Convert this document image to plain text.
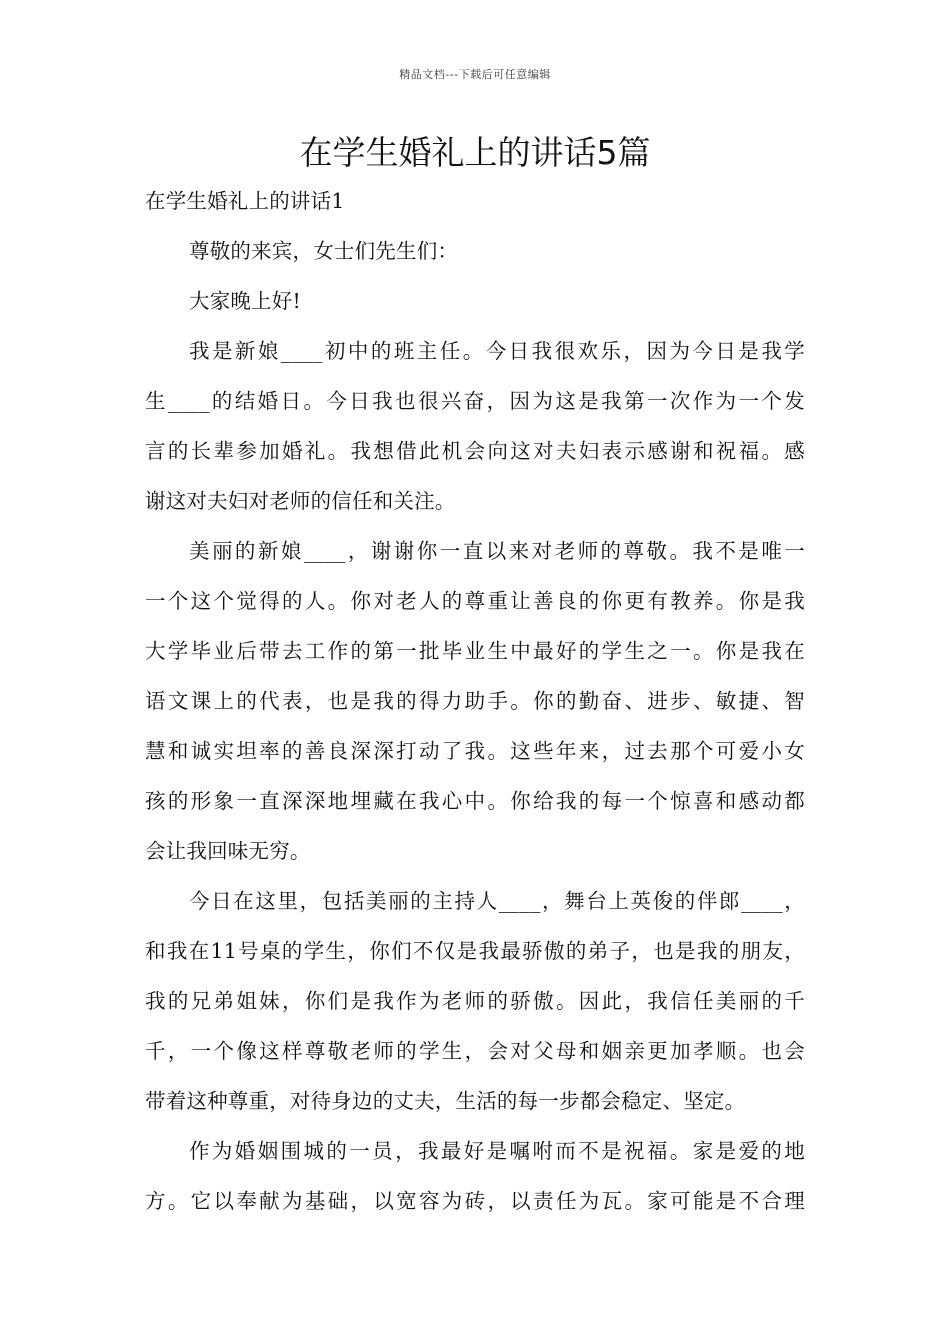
精品文档---下载后可任意编辑
在学生婚礼上的讲话5篇
在学生婚礼上的讲话1
尊敬的来宾，女士们先生们：
大家晚上好!
我是新娘____初中的班主任。今日我很欢乐，因为今日是我学
生____的结婚日。今日我也很兴奋，因为这是我第一次作为一个发
言的长辈参加婚礼。我想借此机会向这对夫妇表示感谢和祝福。感
谢这对夫妇对老师的信任和关注。
美丽的新娘____，谢谢你一直以来对老师的尊敬。我不是唯一
一个这个觉得的人。你对老人的尊重让善良的你更有教养。你是我
大学毕业后带去工作的第一批毕业生中最好的学生之一。你是我在
语文课上的代表，也是我的得力助手。你的勤奋、进步、敏捷、智
慧和诚实坦率的善良深深打动了我。这些年来，过去那个可爱小女
孩的形象一直深深地埋藏在我心中。你给我的每一个惊喜和感动都
会让我回味无穷。
今日在这里，包括美丽的主持人____，舞台上英俊的伴郎____，
和我在11号桌的学生，你们不仅是我最骄傲的弟子，也是我的朋友，
我的兄弟姐妹，你们是我作为老师的骄傲。因此，我信任美丽的千
千，一个像这样尊敬老师的学生，会对父母和姻亲更加孝顺。也会
带着这种尊重，对待身边的丈夫，生活的每一步都会稳定、坚定。
作为婚姻围城的一员，我最好是嘱咐而不是祝福。家是爱的地
方。它以奉献为基础，以宽容为砖，以责任为瓦。家可能是不合理
